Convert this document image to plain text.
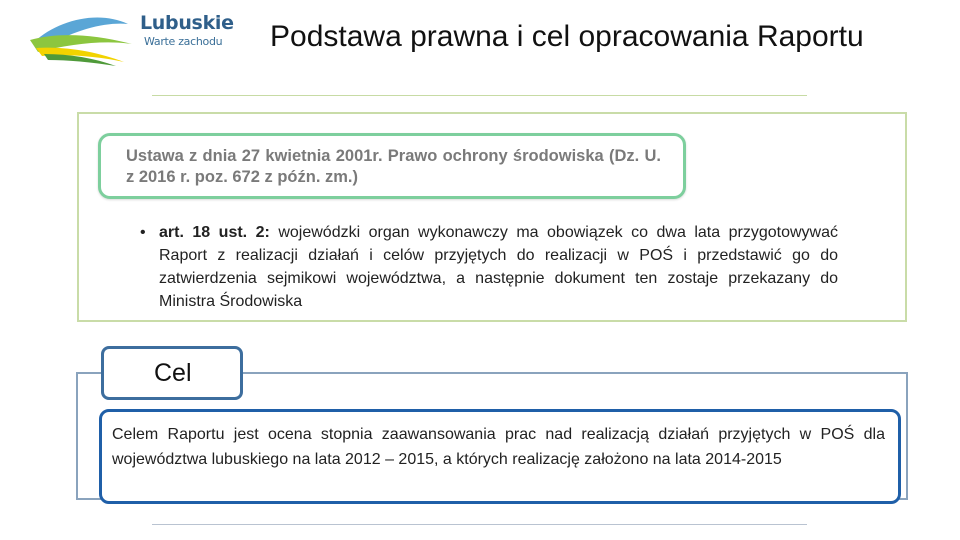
Lubuskie
Warte zachodu Podstawa prawna i cel opracowania Raportu
Ustawa z dnia 27 kwietnia 2001r. Prawo ochrony środowiska (Dz. U. z 2016 r. poz. 672 z późn. zm.)
• art. 18 ust. 2: wojewódzki organ wykonawczy ma obowiązek co dwa lata przygotowywać Raport z realizacji działań i celów przyjętych do realizacji w POŚ i przedstawić go do zatwierdzenia sejmikowi województwa, a następnie dokument ten zostaje przekazany do Ministra Środowiska
Cel
Celem Raportu jest ocena stopnia zaawansowania prac nad realizacją działań przyjętych w POŚ dla województwa lubuskiego na lata 2012 – 2015, a których realizację założono na lata 2014-2015
